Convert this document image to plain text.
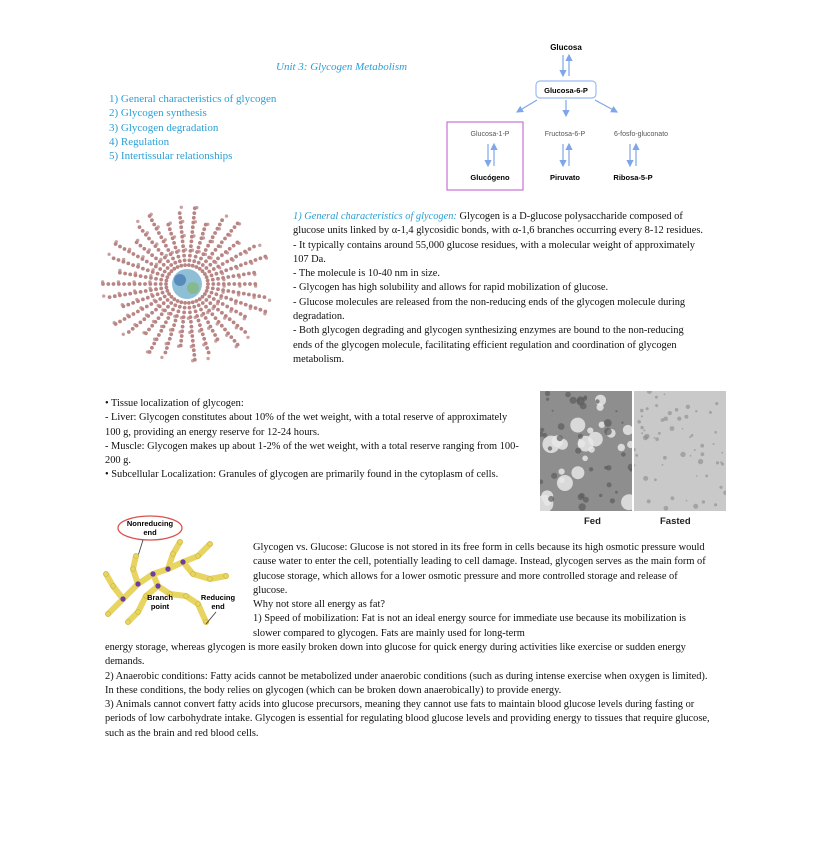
Unit 3: Glycogen Metabolism
1) General characteristics of glycogen
2) Glycogen synthesis
3) Glycogen degradation
4) Regulation
5) Intertissular relationships
Glucosa
Glucosa-6-P
Glucosa-1-P	Fructosa-6-P	6-fosfo-gluconato
Glucógeno	Piruvato	Ribosa-5-P
1) General characteristics of glycogen: Glycogen is a D-glucose polysaccharide composed of glucose units linked by α-1,4 glycosidic bonds, with α-1,6 branches occurring every 8-12 residues.
- It typically contains around 55,000 glucose residues, with a molecular weight of approximately 107 Da.
- The molecule is 10-40 nm in size.
- Glycogen has high solubility and allows for rapid mobilization of glucose.
- Glucose molecules are released from the non-reducing ends of the glycogen molecule during degradation.
- Both glycogen degrading and glycogen synthesizing enzymes are bound to the non-reducing ends of the glycogen molecule, facilitating efficient regulation and coordination of glycogen metabolism.
• Tissue localization of glycogen:
- Liver: Glycogen constitutes about 10% of the wet weight, with a total reserve of approximately 100 g, providing an energy reserve for 12-24 hours.
- Muscle: Glycogen makes up about 1-2% of the wet weight, with a total reserve ranging from 100-200 g.
• Subcellular Localization: Granules of glycogen are primarily found in the cytoplasm of cells.
Fed	Fasted
Nonreducing
end
Branch
point
Reducing
end
Glycogen vs. Glucose: Glucose is not stored in its free form in cells because its high osmotic pressure would cause water to enter the cell, potentially leading to cell damage. Instead, glycogen serves as the main form of glucose storage, which allows for a lower osmotic pressure and more controlled storage and release of glucose.
Why not store all energy as fat?
1) Speed of mobilization: Fat is not an ideal energy source for immediate use because its mobilization is slower compared to glycogen. Fats are mainly used for long-term
energy storage, whereas glycogen is more easily broken down into glucose for quick energy during activities like exercise or sudden energy demands.
2) Anaerobic conditions: Fatty acids cannot be metabolized under anaerobic conditions (such as during intense exercise when oxygen is limited). In these conditions, the body relies on glycogen (which can be broken down anaerobically) to provide energy.
3) Animals cannot convert fatty acids into glucose precursors, meaning they cannot use fats to maintain blood glucose levels during fasting or periods of low carbohydrate intake. Glycogen is essential for regulating blood glucose levels and providing energy to tissues that require glucose, such as the brain and red blood cells.
